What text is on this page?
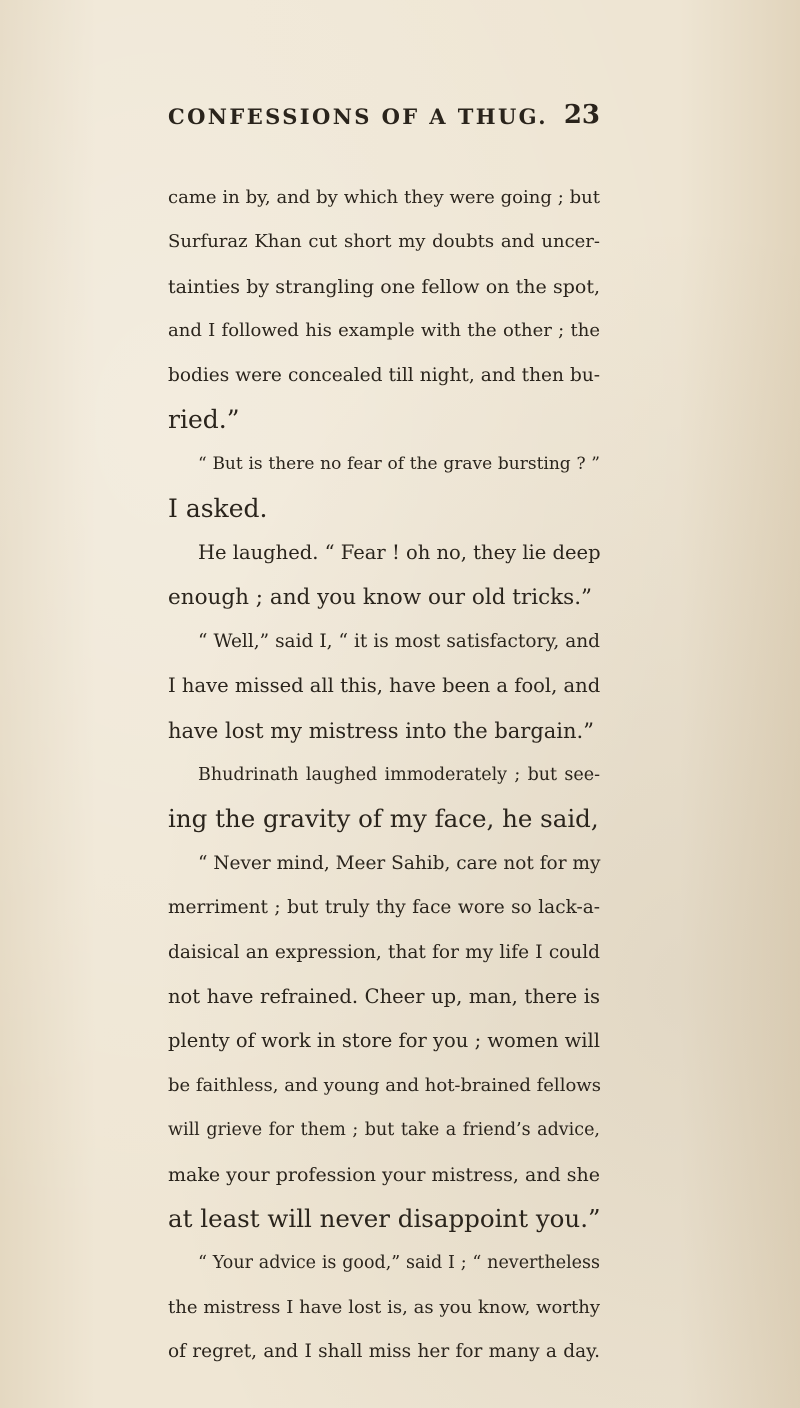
CONFESSIONS OF A THUG. 23
came in by, and by which they were going ; but
Surfuraz Khan cut short my doubts and uncer-
tainties by strangling one fellow on the spot,
and I followed his example with the other ; the
bodies were concealed till night, and then bu-
ried.”
“ But is there no fear of the grave bursting ? ”
I asked.
He laughed. “ Fear ! oh no, they lie deep
enough ; and you know our old tricks.”
“ Well,” said I, “ it is most satisfactory, and
I have missed all this, have been a fool, and
have lost my mistress into the bargain.”
Bhudrinath laughed immoderately ; but see-
ing the gravity of my face, he said,
“ Never mind, Meer Sahib, care not for my
merriment ; but truly thy face wore so lack-a-
daisical an expression, that for my life I could
not have refrained. Cheer up, man, there is
plenty of work in store for you ; women will
be faithless, and young and hot-brained fellows
will grieve for them ; but take a friend’s advice,
make your profession your mistress, and she
at least will never disappoint you.”
“ Your advice is good,” said I ; “ nevertheless
the mistress I have lost is, as you know, worthy
of regret, and I shall miss her for many a day.
